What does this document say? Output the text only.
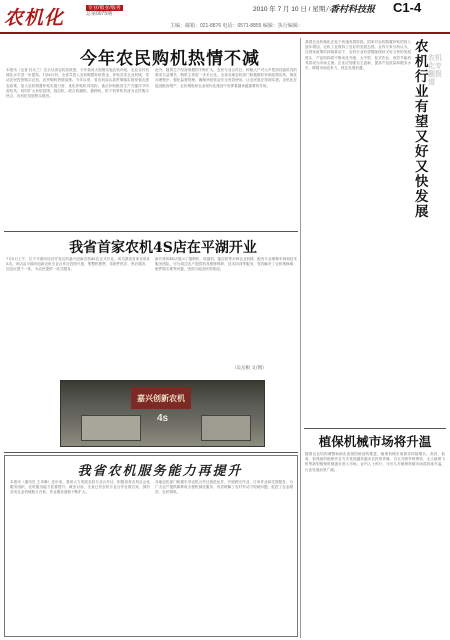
农机化	专业/敬业/服务
总第0075期
2010 年 7 月 10 日 / 星期六
香村科技报 C1-4
主编：邮箱：021-8876 电话：0571-8855 编辑：执行编辑：
今年农民购机热情不减
本报讯（记者 杜永兰）近日从省农机局获悉，今年我省大规模实施农机补贴，农业农村机械化水平进一步提高。1至6月份，全省共投入农机购置补贴资金，补贴各类农业机械，带动农民投资购买农机，农民购机热情高涨。今年以来，省农机局认真贯彻落实国家强农惠农政策，加大农机购置补贴实施力度，优化补贴机具结构，重点补贴粮食生产关键环节所需机具，同时扩大补贴范围，拖拉机、联合收割机、插秧机、烘干机等机具成为农民购买热点，农机化发展势头强劲。
此外，随着生产经营规模的不断扩大，农民专业合作社、种粮大户对大中型高性能机具的需求日益增长，购机主体进一步多元化。全省各地农机部门积极做好补贴政策宣传，简化办理程序，强化监督管理，确保补贴资金安全有效使用，让农民真正得到实惠。农机化在促进粮食增产、农民增收和农业现代化建设中发挥着越来越重要的作用。
我省首家农机4S店在平湖开业
7月5日上午，位于平湖市经济开发区的嘉兴创新农机4S店正式开业，成为我省首家农机4S店。该店由平湖市创新农机专业合作社投资兴建，集整机销售、零配件供应、售后服务、信息反馈于一体，为农民提供一站式服务。
新开张的4S店展示了插秧机、收割机、拖拉机等多种农业机械，配有专业维修车间和技术服务团队，可为周边农户提供机具维修保养、技术培训等服务，有效解决了农机维修难、配件购买难等问题，受到当地农民的欢迎。
（吴岳根 文/图）
嘉兴创新农机
4s
我省农机服务能力再提升
本报讯（通讯员 王卓琳）近年来，我省大力发展农机专业合作社，积极培育农机社会化服务组织，农机服务能力显著提升。截至目前，全省已有农机专业合作社数百家，拥有各类农业机械数万台套，作业服务面积不断扩大。
各地农机部门积极引导农机合作社规范运作，开展跨区作业、订单作业和托管服务，为广大农户提供耕种收全程机械化服务，有效缓解了农村劳动力短缺问题，促进了农业增效、农民增收。
我国农业机械化正处于快速发展阶段，国家对农机购置补贴的投入逐年增加，农机工业保持了良好的发展态势。业内专家分析认为，在国家政策的持续推动下，农机行业有望继续保持又好又快的发展势头，产品结构将不断优化升级，大中型、复式作业、高效节能机具将成为市场主流。企业应加强自主创新，提高产品质量和服务水平，增强市场竞争力，抓住发展机遇。
农机化专题报道
农机行业有望又好又快发展
植保机械市场将升温
随着农业结构调整和病虫害统防统治的推进，植保机械市场需求持续增长。高效、低毒、低残留的植保作业方式受到越来越多农民的青睐，自走式喷杆喷雾机、无人植保飞机等新型植保机械逐步进入市场。业内人士预计，今后几年植保机械市场将持续升温，行业发展前景广阔。
